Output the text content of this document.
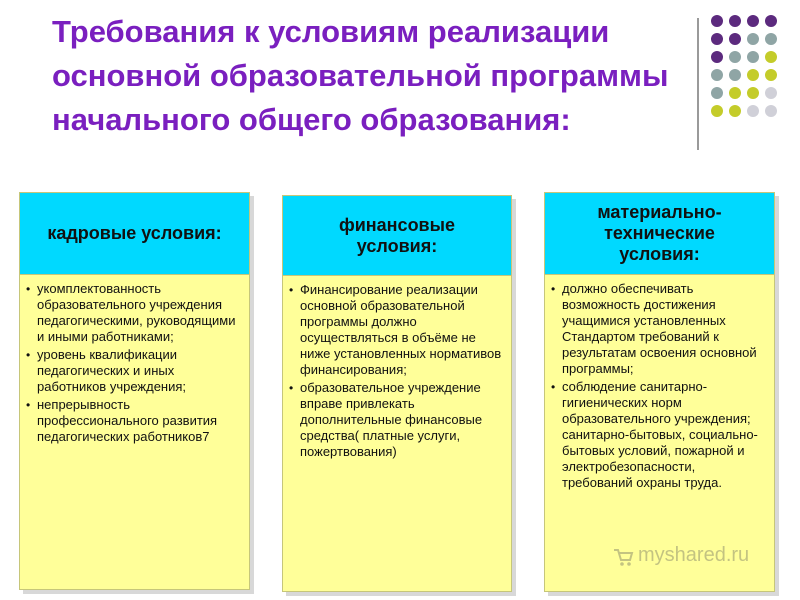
Требования к условиям реализации основной образовательной программы начального общего образования:
кадровые условия:
• укомплектованность образовательного учреждения педагогическими, руководящими и иными работниками;
• уровень квалификации педагогических и иных работников учреждения;
• непрерывность профессионального развития педагогических работников7
финансовые условия:
• Финансирование реализации основной образовательной программы должно осуществляться в объёме не ниже установленных нормативов финансирования;
• образовательное учреждение вправе привлекать дополнительные финансовые средства( платные услуги, пожертвования)
материально-технические условия:
• должно обеспечивать возможность достижения учащимися установленных Стандартом требований к результатам освоения основной программы;
• соблюдение санитарно-гигиенических норм образовательного учреждения; санитарно-бытовых, социально-бытовых условий, пожарной и электробезопасности, требований охраны труда.
myshared.ru
